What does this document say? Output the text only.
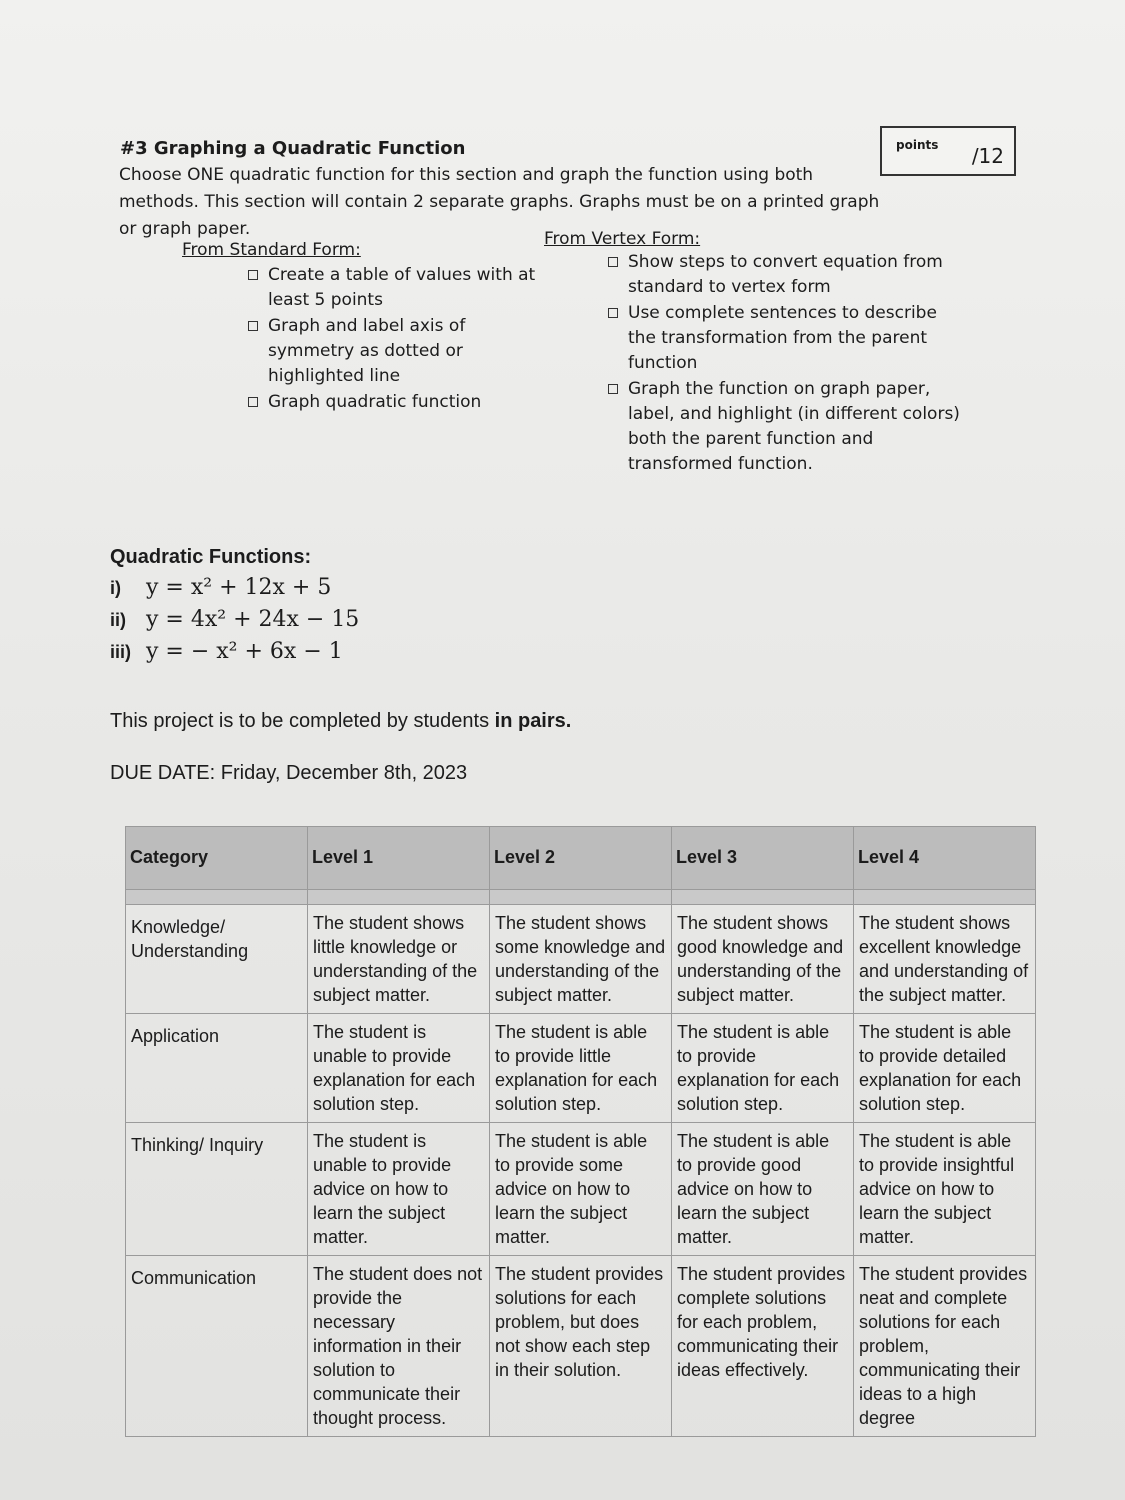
#3 Graphing a Quadratic Function	points /12
Choose ONE quadratic function for this section and graph the function using both
methods. This section will contain 2 separate graphs. Graphs must be on a printed graph
or graph paper.
From Standard Form:
Create a table of values with at least 5 points
Graph and label axis of symmetry as dotted or highlighted line
Graph quadratic function
From Vertex Form:
Show steps to convert equation from standard to vertex form
Use complete sentences to describe the transformation from the parent function
Graph the function on graph paper, label, and highlight (in different colors) both the parent function and transformed function.
Quadratic Functions:
i) y = x² + 12x + 5
ii) y = 4x² + 24x − 15
iii) y = − x² + 6x − 1
This project is to be completed by students in pairs.
DUE DATE: Friday, December 8th, 2023
Category	Level 1	Level 2	Level 3	Level 4

Knowledge/ Understanding	The student shows little knowledge or understanding of the subject matter.	The student shows some knowledge and understanding of the subject matter.	The student shows good knowledge and understanding of the subject matter.	The student shows excellent knowledge and understanding of the subject matter.
Application	The student is unable to provide explanation for each solution step.	The student is able to provide little explanation for each solution step.	The student is able to provide explanation for each solution step.	The student is able to provide detailed explanation for each solution step.
Thinking/ Inquiry	The student is unable to provide advice on how to learn the subject matter.	The student is able to provide some advice on how to learn the subject matter.	The student is able to provide good advice on how to learn the subject matter.	The student is able to provide insightful advice on how to learn the subject matter.
Communication	The student does not provide the necessary information in their solution to communicate their thought process.	The student provides solutions for each problem, but does not show each step in their solution.	The student provides complete solutions for each problem, communicating their ideas effectively.	The student provides neat and complete solutions for each problem, communicating their ideas to a high degree
